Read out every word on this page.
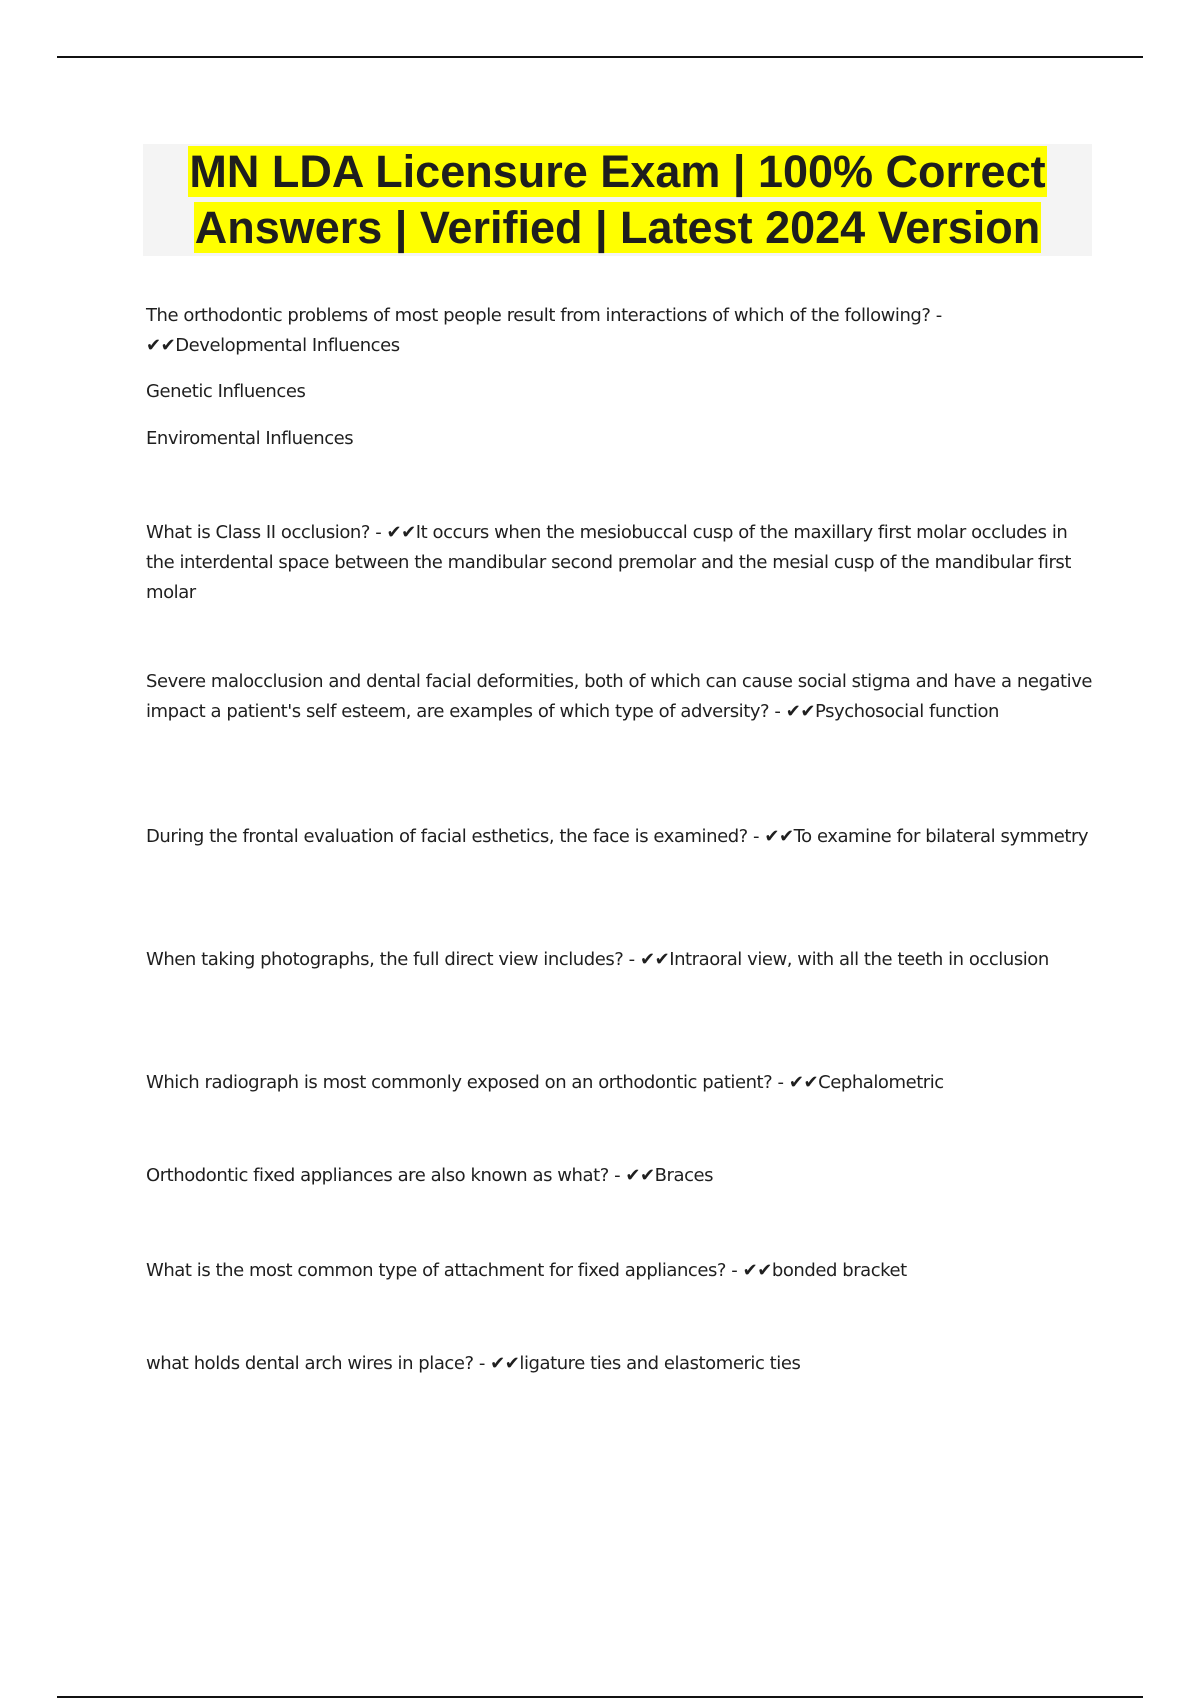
MN LDA Licensure Exam | 100% Correct Answers | Verified | Latest 2024 Version

The orthodontic problems of most people result from interactions of which of the following? - ✔✔Developmental Influences

Genetic Influences
Enviromental Influences

What is Class II occlusion? - ✔✔It occurs when the mesiobuccal cusp of the maxillary first molar occludes in the interdental space between the mandibular second premolar and the mesial cusp of the mandibular first molar

Severe malocclusion and dental facial deformities, both of which can cause social stigma and have a negative impact a patient's self esteem, are examples of which type of adversity? - ✔✔Psychosocial function

During the frontal evaluation of facial esthetics, the face is examined? - ✔✔To examine for bilateral symmetry

When taking photographs, the full direct view includes? - ✔✔Intraoral view, with all the teeth in occlusion

Which radiograph is most commonly exposed on an orthodontic patient? - ✔✔Cephalometric

Orthodontic fixed appliances are also known as what? - ✔✔Braces

What is the most common type of attachment for fixed appliances? - ✔✔bonded bracket

what holds dental arch wires in place? - ✔✔ligature ties and elastomeric ties
